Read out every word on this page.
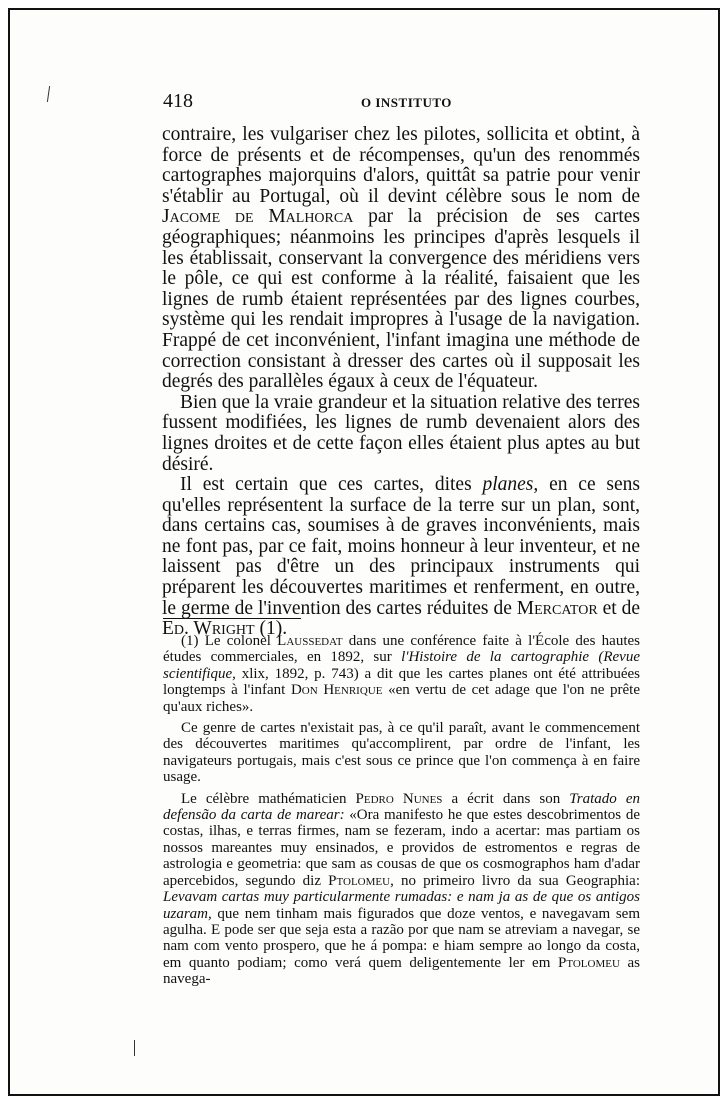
418	O INSTITUTO

contraire, les vulgariser chez les pilotes, sollicita et obtint, à force de présents et de récompenses, qu'un des renommés cartographes majorquins d'alors, quittât sa patrie pour venir s'établir au Portugal, où il devint célèbre sous le nom de Jacome de Malhorca par la précision de ses cartes géographiques; néanmoins les principes d'après lesquels il les établissait, conservant la convergence des méridiens vers le pôle, ce qui est conforme à la réalité, faisaient que les lignes de rumb étaient représentées par des lignes courbes, système qui les rendait impropres à l'usage de la navigation. Frappé de cet inconvénient, l'infant imagina une méthode de correction consistant à dresser des cartes où il supposait les degrés des parallèles égaux à ceux de l'équateur.

Bien que la vraie grandeur et la situation relative des terres fussent modifiées, les lignes de rumb devenaient alors des lignes droites et de cette façon elles étaient plus aptes au but désiré.

Il est certain que ces cartes, dites planes, en ce sens qu'elles représentent la surface de la terre sur un plan, sont, dans certains cas, soumises à de graves inconvénients, mais ne font pas, par ce fait, moins honneur à leur inventeur, et ne laissent pas d'être un des principaux instruments qui préparent les découvertes maritimes et renferment, en outre, le germe de l'invention des cartes réduites de Mercator et de Ed. Wright (1).

(1) Le colonel Laussedat dans une conférence faite à l'École des hautes études commerciales, en 1892, sur l'Histoire de la cartographie (Revue scientifique, xlix, 1892, p. 743) a dit que les cartes planes ont été attribuées longtemps à l'infant Don Henrique «en vertu de cet adage que l'on ne prête qu'aux riches».

Ce genre de cartes n'existait pas, à ce qu'il paraît, avant le commencement des découvertes maritimes qu'accomplirent, par ordre de l'infant, les navigateurs portugais, mais c'est sous ce prince que l'on commença à en faire usage.

Le célèbre mathématicien Pedro Nunes a écrit dans son Tratado en defensão da carta de marear: «Ora manifesto he que estes descobrimentos de costas, ilhas, e terras firmes, nam se fezeram, indo a acertar: mas partiam os nossos mareantes muy ensinados, e providos de estromentos e regras de astrologia e geometria: que sam as cousas de que os cosmographos ham d'adar apercebidos, segundo diz Ptolomeu, no primeiro livro da sua Geographia: Levavam cartas muy particularmente rumadas: e nam ja as de que os antigos uzaram, que nem tinham mais figurados que doze ventos, e navegavam sem agulha. E pode ser que seja esta a razão por que nam se atreviam a navegar, se nam com vento prospero, que he á pompa: e hiam sempre ao longo da costa, em quanto podiam; como verá quem deligentemente ler em Ptolomeu as navega-
